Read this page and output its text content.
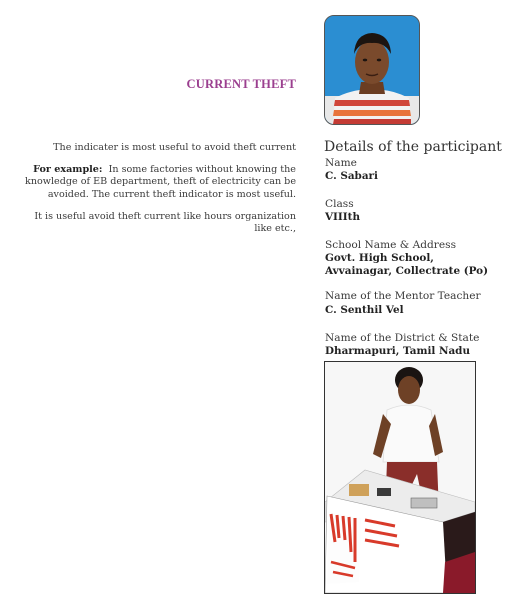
CURRENT THEFT

The indicater is most useful to avoid theft current

For example: In some factories without knowing the knowledge of EB department, theft of electricity can be avoided. The current theft indicator is most useful.

It is useful avoid theft current like hours organization like etc.,

Details of the participant
Name
C. Sabari
Class
VIIIth
School Name & Address
Govt. High School, Avvainagar, Collectrate (Po)
Name of the Mentor Teacher
C. Senthil Vel
Name of the District & State
Dharmapuri, Tamil Nadu
